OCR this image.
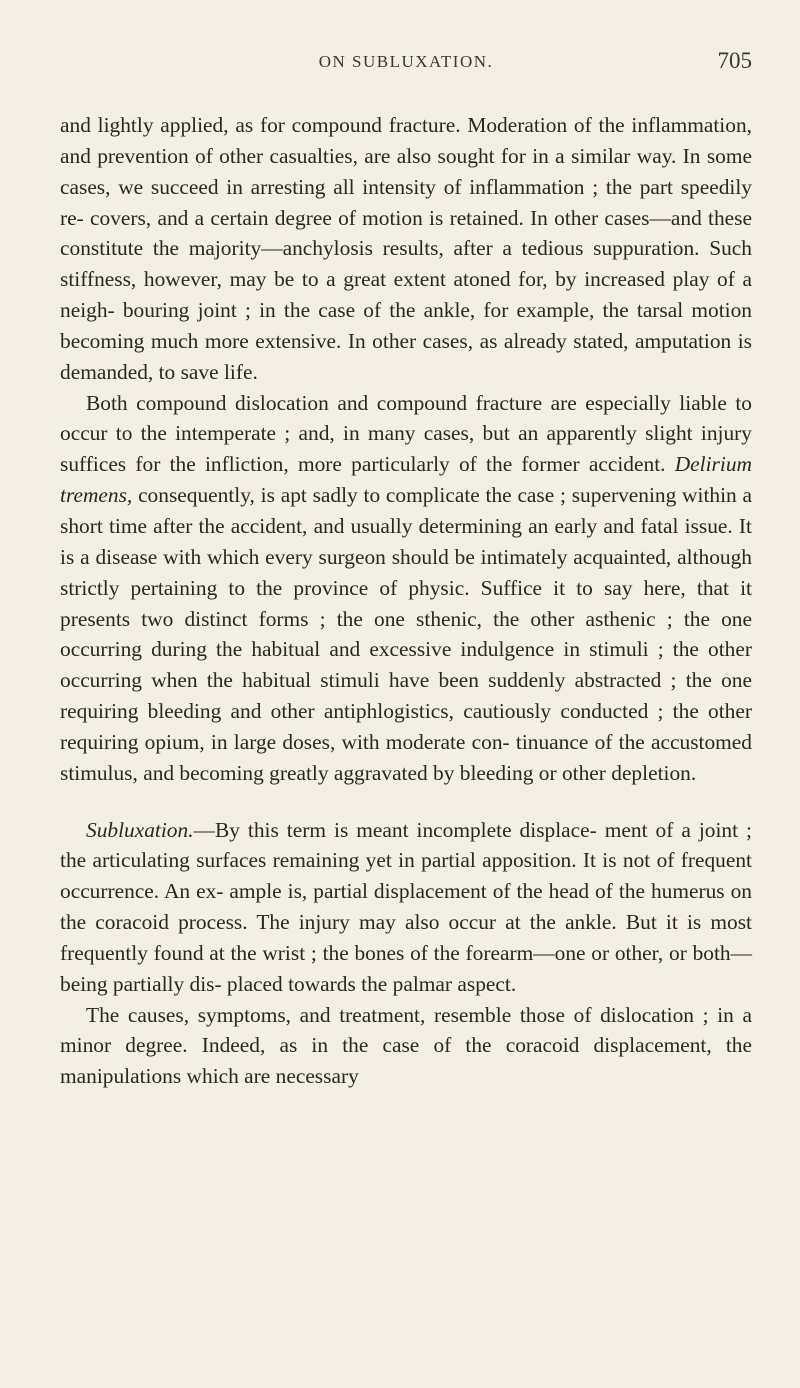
ON SUBLUXATION.	705

and lightly applied, as for compound fracture. Moderation of the inflammation, and prevention of other casualties, are also sought for in a similar way. In some cases, we succeed in arresting all intensity of inflammation ; the part speedily re- covers, and a certain degree of motion is retained. In other cases—and these constitute the majority—anchylosis results, after a tedious suppuration. Such stiffness, however, may be to a great extent atoned for, by increased play of a neigh- bouring joint ; in the case of the ankle, for example, the tarsal motion becoming much more extensive. In other cases, as already stated, amputation is demanded, to save life.

Both compound dislocation and compound fracture are especially liable to occur to the intemperate ; and, in many cases, but an apparently slight injury suffices for the infliction, more particularly of the former accident. Delirium tremens, consequently, is apt sadly to complicate the case ; supervening within a short time after the accident, and usually determining an early and fatal issue. It is a disease with which every surgeon should be intimately acquainted, although strictly pertaining to the province of physic. Suffice it to say here, that it presents two distinct forms ; the one sthenic, the other asthenic ; the one occurring during the habitual and excessive indulgence in stimuli ; the other occurring when the habitual stimuli have been suddenly abstracted ; the one requiring bleeding and other antiphlogistics, cautiously conducted ; the other requiring opium, in large doses, with moderate con- tinuance of the accustomed stimulus, and becoming greatly aggravated by bleeding or other depletion.

Subluxation.—By this term is meant incomplete displace- ment of a joint ; the articulating surfaces remaining yet in partial apposition. It is not of frequent occurrence. An ex- ample is, partial displacement of the head of the humerus on the coracoid process. The injury may also occur at the ankle. But it is most frequently found at the wrist ; the bones of the forearm—one or other, or both—being partially dis- placed towards the palmar aspect.

The causes, symptoms, and treatment, resemble those of dislocation ; in a minor degree. Indeed, as in the case of the coracoid displacement, the manipulations which are necessary
